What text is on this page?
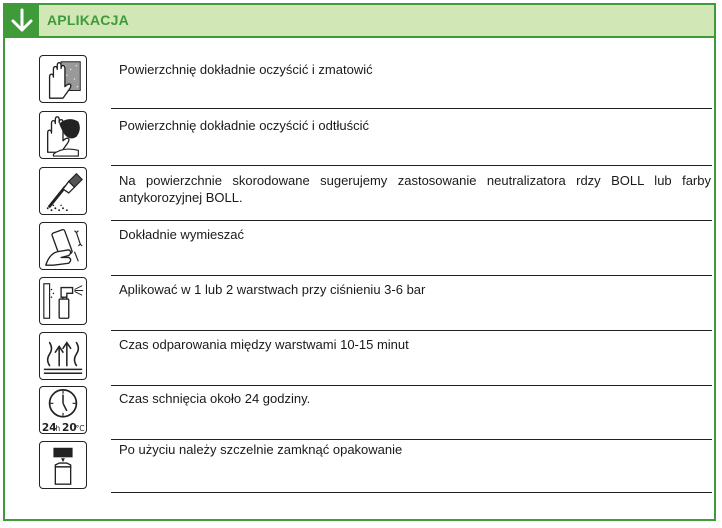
APLIKACJA
Powierzchnię dokładnie oczyścić i zmatowić
Powierzchnię dokładnie oczyścić i odtłuścić
Na powierzchnie skorodowane sugerujemy zastosowanie neutralizatora rdzy BOLL lub farby antykorozyjnej BOLL.
Dokładnie wymieszać
Aplikować w 1 lub 2 warstwach przy ciśnieniu 3-6 bar
Czas odparowania między warstwami 10-15 minut
24
h 20
°C
Czas schnięcia około 24 godziny.
Po użyciu należy szczelnie zamknąć opakowanie
